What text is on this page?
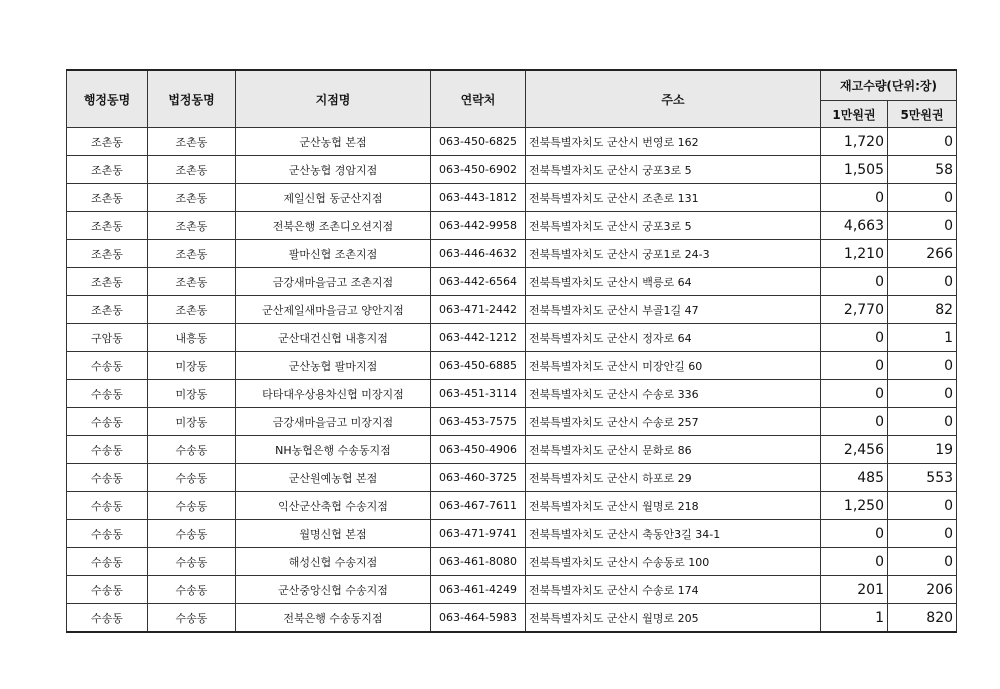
행정동명	법정동명	지점명	연락처	주소	재고수량(단위:장)	
					1만원권	5만원권
조촌동	조촌동	군산농협 본점	063-450-6825	전북특별자치도 군산시 번영로 162	1,720	0
조촌동	조촌동	군산농협 경암지점	063-450-6902	전북특별자치도 군산시 궁포3로 5	1,505	58
조촌동	조촌동	제일신협 동군산지점	063-443-1812	전북특별자치도 군산시 조촌로 131	0	0
조촌동	조촌동	전북은행 조촌디오션지점	063-442-9958	전북특별자치도 군산시 궁포3로 5	4,663	0
조촌동	조촌동	팔마신협 조촌지점	063-446-4632	전북특별자치도 군산시 궁포1로 24-3	1,210	266
조촌동	조촌동	금강새마을금고 조촌지점	063-442-6564	전북특별자치도 군산시 백릉로 64	0	0
조촌동	조촌동	군산제일새마을금고 양안지점	063-471-2442	전북특별자치도 군산시 부골1길 47	2,770	82
구암동	내흥동	군산대건신협 내흥지점	063-442-1212	전북특별자치도 군산시 정자로 64	0	1
수송동	미장동	군산농협 팔마지점	063-450-6885	전북특별자치도 군산시 미장안길 60	0	0
수송동	미장동	타타대우상용차신협 미장지점	063-451-3114	전북특별자치도 군산시 수송로 336	0	0
수송동	미장동	금강새마을금고 미장지점	063-453-7575	전북특별자치도 군산시 수송로 257	0	0
수송동	수송동	NH농협은행 수송동지점	063-450-4906	전북특별자치도 군산시 문화로 86	2,456	19
수송동	수송동	군산원예농협 본점	063-460-3725	전북특별자치도 군산시 하포로 29	485	553
수송동	수송동	익산군산축협 수송지점	063-467-7611	전북특별자치도 군산시 월명로 218	1,250	0
수송동	수송동	월명신협 본점	063-471-9741	전북특별자치도 군산시 축동안3길 34-1	0	0
수송동	수송동	해성신협 수송지점	063-461-8080	전북특별자치도 군산시 수송동로 100	0	0
수송동	수송동	군산중앙신협 수송지점	063-461-4249	전북특별자치도 군산시 수송로 174	201	206
수송동	수송동	전북은행 수송동지점	063-464-5983	전북특별자치도 군산시 월명로 205	1	820
